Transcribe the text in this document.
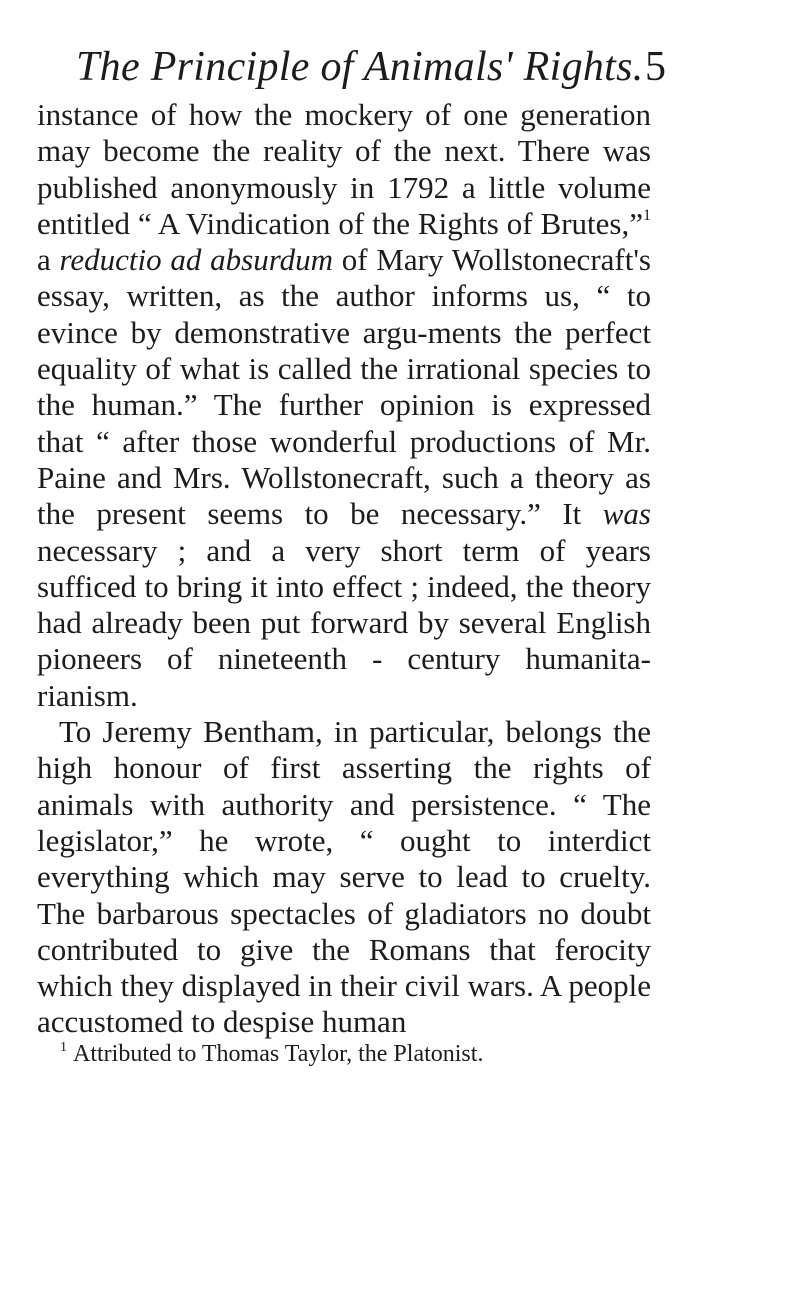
The Principle of Animals' Rights. 5

instance of how the mockery of one generation may become the reality of the next. There was published anonymously in 1792 a little volume entitled “ A Vindication of the Rights of Brutes,”$^1$ a reductio ad absurdum of Mary Wollstonecraft's essay, written, as the author informs us, “ to evince by demonstrative argu-ments the perfect equality of what is called the irrational species to the human.” The further opinion is expressed that “ after those wonderful productions of Mr. Paine and Mrs. Wollstonecraft, such a theory as the present seems to be necessary.” It was necessary ; and a very short term of years sufficed to bring it into effect ; indeed, the theory had already been put forward by several English pioneers of nineteenth - century humanita-rianism.

To Jeremy Bentham, in particular, belongs the high honour of first asserting the rights of animals with authority and persistence. “ The legislator,” he wrote, “ ought to interdict everything which may serve to lead to cruelty. The barbarous spectacles of gladiators no doubt contributed to give the Romans that ferocity which they displayed in their civil wars. A people accustomed to despise human

$^1$ Attributed to Thomas Taylor, the Platonist.
